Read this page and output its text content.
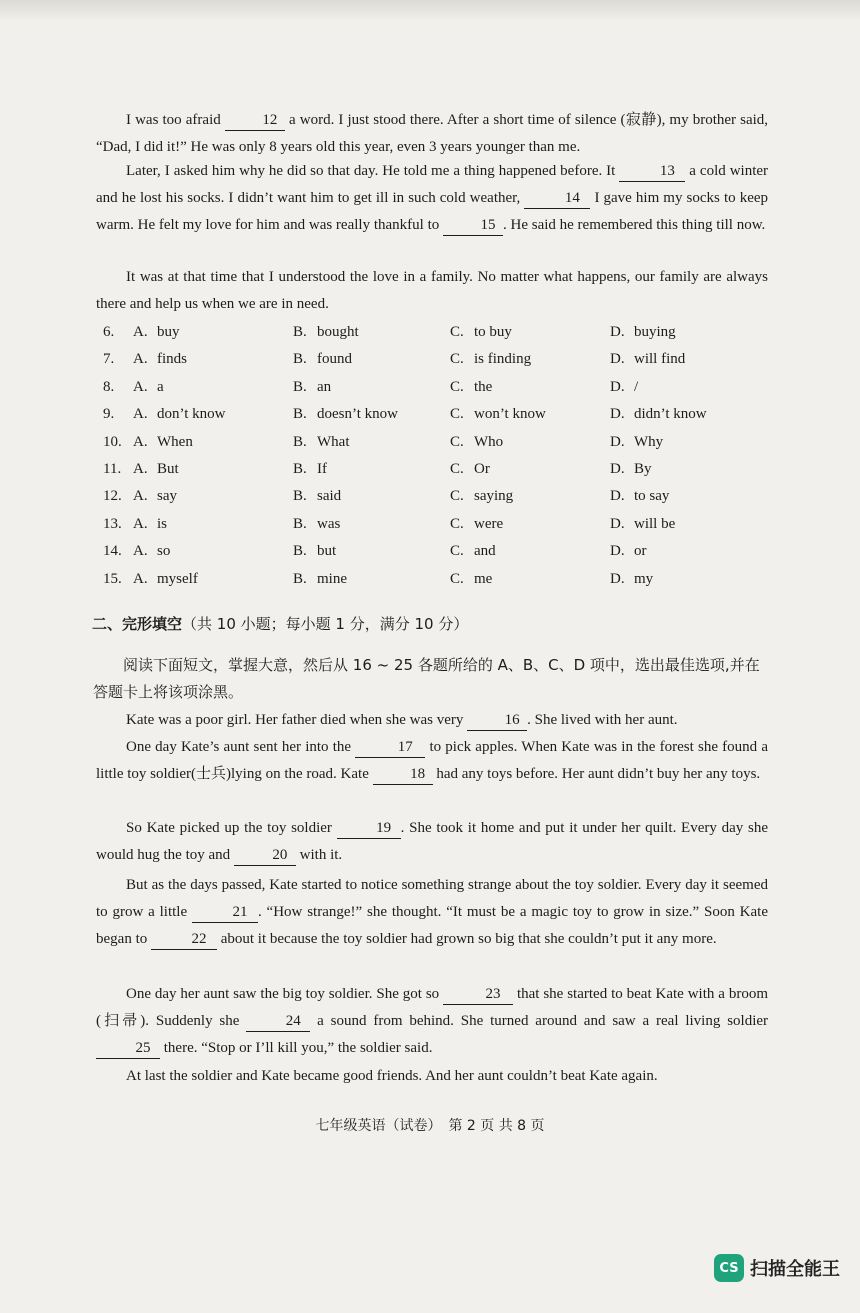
I was too afraid	12 a word. I just stood there. After a short time of silence (寂静), my brother said, “Dad, I did it!” He was only 8 years old this year, even 3 years younger than me.

Later, I asked him why he did so that day. He told me a thing happened before. It	13 a cold winter and he lost his socks. I didn’t want him to get ill in such cold weather,	14 I gave him my socks to keep warm. He felt my love for him and was really thankful to	15 . He said he remembered this thing till now.

It was at that time that I understood the love in a family. No matter what happens, our family are always there and help us when we are in need.

6. A. buy	B. bought	C. to buy	D. buying
7. A. finds	B. found	C. is finding	D. will find
8. A. a	B. an	C. the	D. /
9. A. don’t know	B. doesn’t know	C. won’t know	D. didn’t know
10. A. When	B. What	C. Who	D. Why
11. A. But	B. If	C. Or	D. By
12. A. say	B. said	C. saying	D. to say
13. A. is	B. was	C. were	D. will be
14. A. so	B. but	C. and	D. or
15. A. myself	B. mine	C. me	D. my
二、完形填空（共 10 小题；每小题 1 分，满分 10 分）
阅读下面短文，掌握大意，然后从 16 ~ 25 各题所给的 A、B、C、D 项中，选出最佳选项,并在答题卡上将该项涂黑。

Kate was a poor girl. Her father died when she was very	16 . She lived with her aunt.

One day Kate’s aunt sent her into the	17 to pick apples. When Kate was in the forest she found a little toy soldier(士兵)lying on the road. Kate	18 had any toys before. Her aunt didn’t buy her any toys.

So Kate picked up the toy soldier	19 . She took it home and put it under her quilt. Every day she would hug the toy and	20 with it.

But as the days passed, Kate started to notice something strange about the toy soldier. Every day it seemed to grow a little	21 . “How strange!” she thought. “It must be a magic toy to grow in size.” Soon Kate began to	22 about it because the toy soldier had grown so big that she couldn’t put it any more.

One day her aunt saw the big toy soldier. She got so	23 that she started to beat Kate with a broom (扫帚). Suddenly she	24 a sound from behind. She turned around and saw a real living soldier 25 there. “Stop or I’ll kill you,” the soldier said.

At last the soldier and Kate became good friends. And her aunt couldn’t beat Kate again.

七年级英语（试卷）　第 2 页 共 8 页
CS 扫描全能王
